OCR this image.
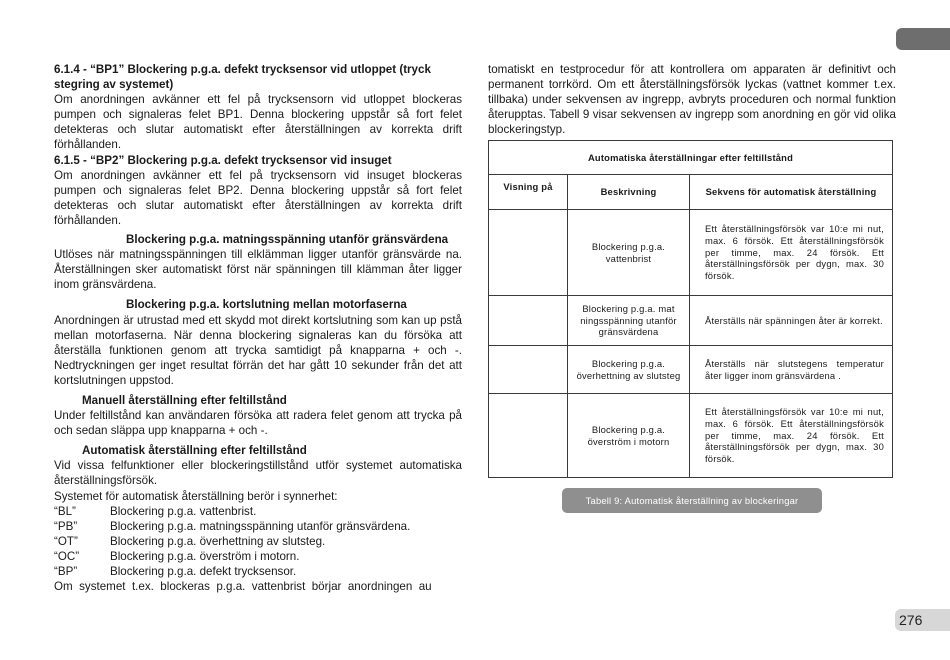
276

6.1.4 - “BP1” Blockering p.g.a. defekt trycksensor vid utloppet (tryck stegring av systemet)

Om anordningen avkänner ett fel på trycksensorn vid utloppet blockeras pumpen och signaleras felet BP1. Denna blockering uppstår så fort felet detekteras och slutar automatiskt efter återställningen av korrekta drift förhållanden.

6.1.5 - “BP2” Blockering p.g.a. defekt trycksensor vid insuget

Om anordningen avkänner ett fel på trycksensorn vid insuget blockeras pumpen och signaleras felet BP2. Denna blockering uppstår så fort felet detekteras och slutar automatiskt efter återställningen av korrekta drift förhållanden.

Blockering p.g.a. matningsspänning utanför gränsvärdena

Utlöses när matningsspänningen till elklämman ligger utanför gränsvärde na. Återställningen sker automatiskt först när spänningen till klämman åter ligger inom gränsvärdena.

Blockering p.g.a. kortslutning mellan motorfaserna

Anordningen är utrustad med ett skydd mot direkt kortslutning som kan up pstå mellan motorfaserna. När denna blockering signaleras kan du försöka att återställa funktionen genom att trycka samtidigt på knapparna + och -. Nedtryckningen ger inget resultat förrän det har gått 10 sekunder från det att kortslutningen uppstod.

Manuell återställning efter feltillstånd

Under feltillstånd kan användaren försöka att radera felet genom att trycka på och sedan släppa upp knapparna + och -.

Automatisk återställning efter feltillstånd

Vid vissa felfunktioner eller blockeringstillstånd utför systemet automatiska återställningsförsök.

Systemet för automatisk återställning berör i synnerhet:

“BL”	Blockering p.g.a. vattenbrist.
“PB”	Blockering p.g.a. matningsspänning utanför gränsvärdena.
“OT”	Blockering p.g.a. överhettning av slutsteg.
“OC”	Blockering p.g.a. överström i motorn.
“BP”	Blockering p.g.a. defekt trycksensor.

Om  systemet  t.ex.  blockeras  p.g.a.  vattenbrist  börjar  anordningen  au

tomatiskt en testprocedur för att kontrollera om apparaten är definitivt och permanent torrkörd. Om ett återställningsförsök lyckas (vattnet kommer t.ex. tillbaka) under sekvensen av ingrepp, avbryts proceduren och normal funktion återupptas. Tabell 9 visar sekvensen av ingrepp som anordning en gör vid olika blockeringstyp.

Automatiska återställningar efter feltillstånd		
Visning på	Beskrivning	Sekvens för automatisk återställning
	Blockering p.g.a. vattenbrist	Ett återställningsförsök var 10:e mi nut, max. 6 försök. Ett återställningsförsök per timme, max. 24 försök. Ett återställningsförsök per dygn, max. 30 försök.
	Blockering p.g.a. mat ningsspänning utanför gränsvärdena	Återställs när spänningen åter är korrekt.
	Blockering p.g.a. överhettning av slutsteg	Återställs när slutstegens temperatur åter ligger inom gränsvärdena .
	Blockering p.g.a. överström i motorn	Ett återställningsförsök var 10:e mi nut, max. 6 försök. Ett återställningsförsök per timme, max. 24 försök. Ett återställningsförsök per dygn, max. 30 försök.
Tabell 9: Automatisk återställning av blockeringar
